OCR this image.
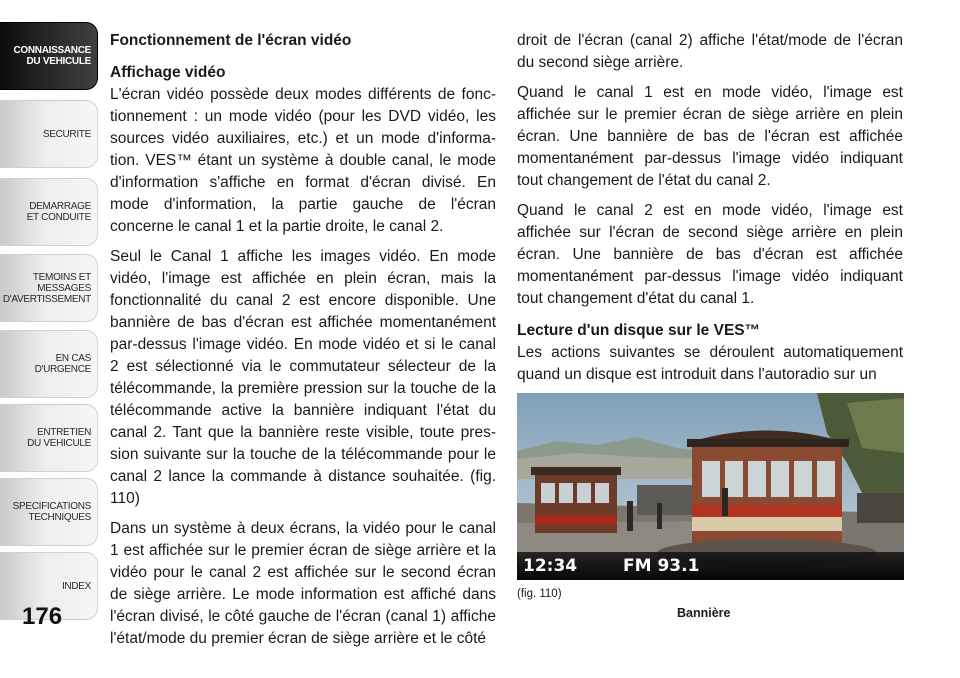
CONNAISSANCE
DU VEHICULE
SECURITE
DEMARRAGE
ET CONDUITE
TEMOINS ET
MESSAGES
D'AVERTISSEMENT
EN CAS
D'URGENCE
ENTRETIEN
DU VEHICULE
SPECIFICATIONS
TECHNIQUES
INDEX
176
Fonctionnement de l'écran vidéo
Affichage vidéo

L'écran vidéo possède deux modes différents de fonctionnement : un mode vidéo (pour les DVD vidéo, les sources vidéo auxiliaires, etc.) et un mode d'information. VES™ étant un système à double canal, le mode d'information s'affiche en format d'écran divisé. En mode d'information, la partie gauche de l'écran concerne le canal 1 et la partie droite, le canal 2.

Seul le Canal 1 affiche les images vidéo. En mode vidéo, l'image est affichée en plein écran, mais la fonctionnalité du canal 2 est encore disponible. Une bannière de bas d'écran est affichée momentanément par-dessus l'image vidéo. En mode vidéo et si le canal 2 est sélectionné via le commutateur sélecteur de la télécommande, la première pression sur la touche de la télécommande active la bannière indiquant l'état du canal 2. Tant que la bannière reste visible, toute pression suivante sur la touche de la télécommande pour le canal 2 lance la commande à distance souhaitée. (fig. 110)

Dans un système à deux écrans, la vidéo pour le canal 1 est affichée sur le premier écran de siège arrière et la vidéo pour le canal 2 est affichée sur le second écran de siège arrière. Le mode information est affiché dans l'écran divisé, le côté gauche de l'écran (canal 1) affiche l'état/mode du premier écran de siège arrière et le côté

droit de l'écran (canal 2) affiche l'état/mode de l'écran du second siège arrière.

Quand le canal 1 est en mode vidéo, l'image est affichée sur le premier écran de siège arrière en plein écran. Une bannière de bas de l'écran est affichée momentanément par-dessus l'image vidéo indiquant tout changement de l'état du canal 2.

Quand le canal 2 est en mode vidéo, l'image est affichée sur l'écran de second siège arrière en plein écran. Une bannière de bas d'écran est affichée momentanément par-dessus l'image vidéo indiquant tout changement d'état du canal 1.

Lecture d'un disque sur le VES™

Les actions suivantes se déroulent automatiquement quand un disque est introduit dans l'autoradio sur un

12:34	FM 93.1
(fig. 110)
Bannière
